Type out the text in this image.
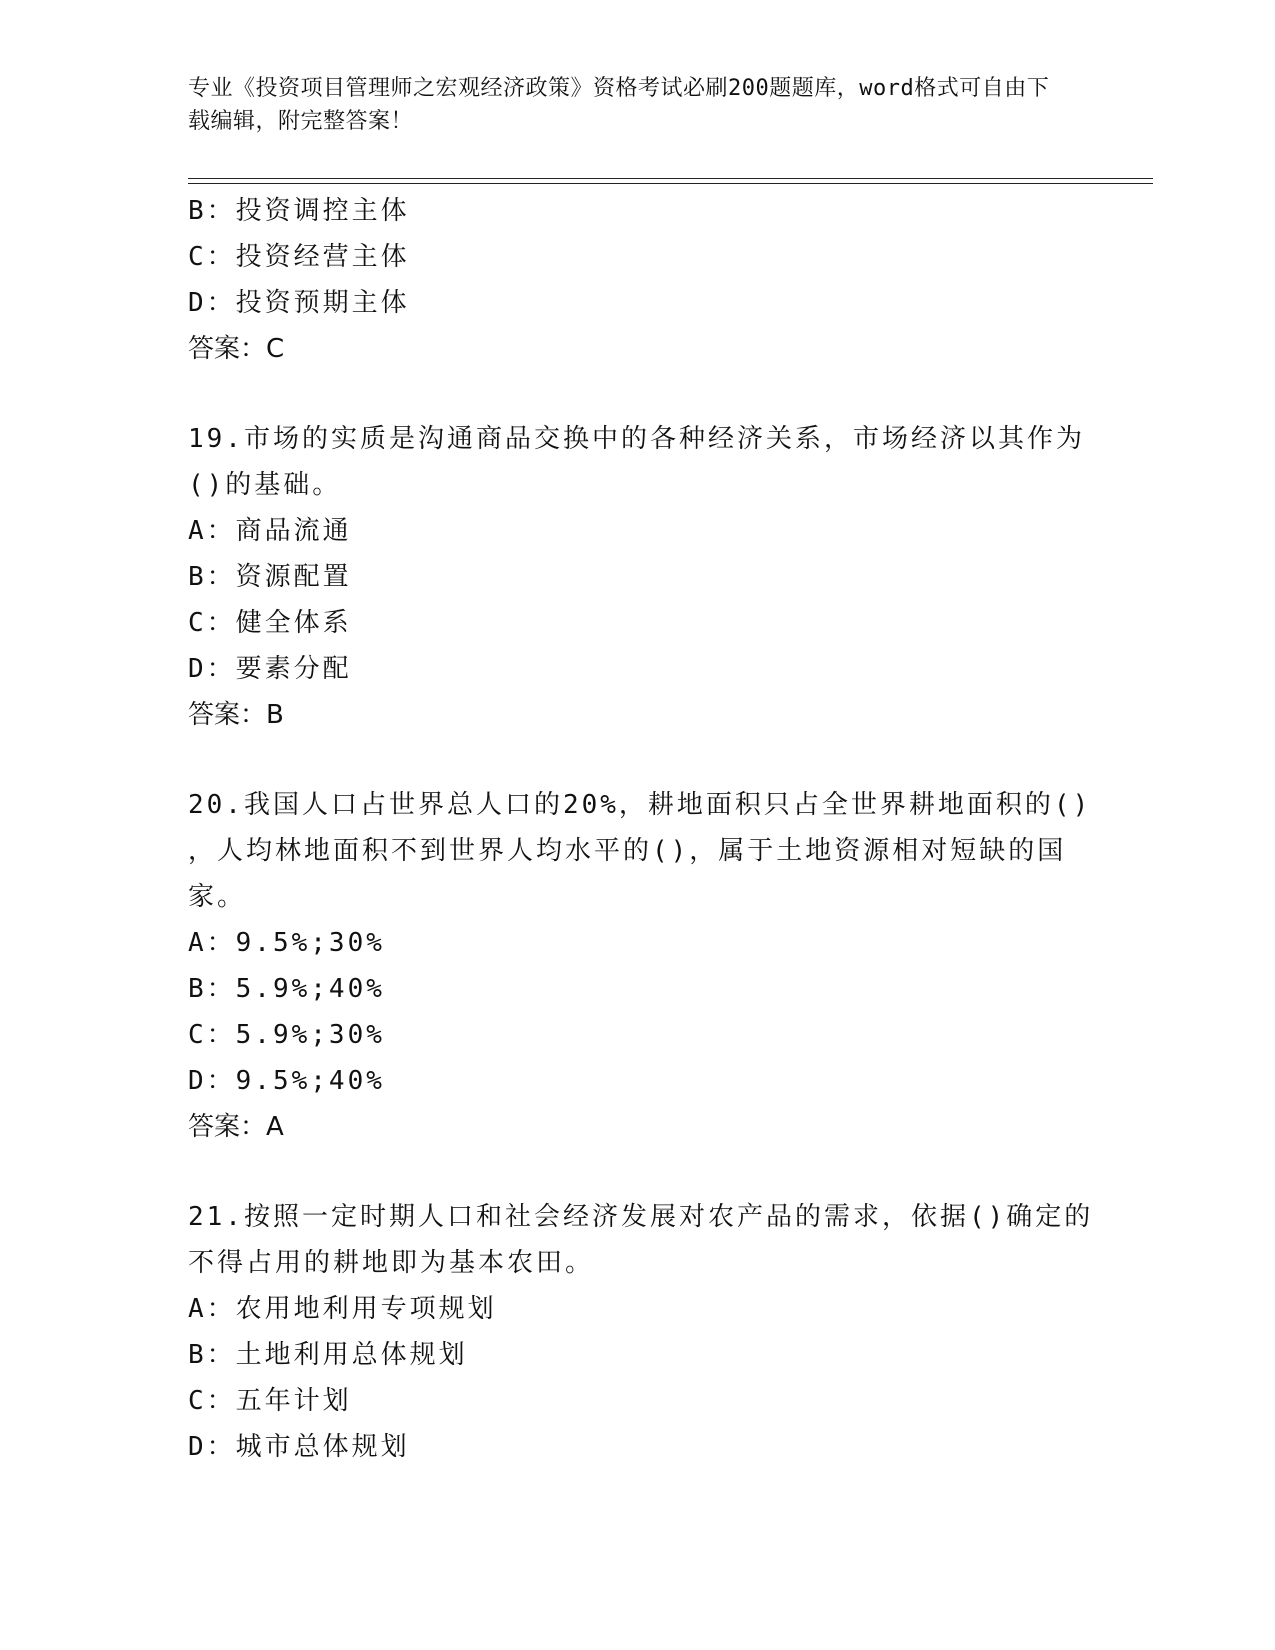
专业《投资项目管理师之宏观经济政策》资格考试必刷200题题库，word格式可自由下载编辑，附完整答案！
B：投资调控主体
C：投资经营主体
D：投资预期主体
答案：C
19.市场的实质是沟通商品交换中的各种经济关系，市场经济以其作为
()的基础。
A：商品流通
B：资源配置
C：健全体系
D：要素分配
答案：B
20.我国人口占世界总人口的20%，耕地面积只占全世界耕地面积的()
，人均林地面积不到世界人均水平的()，属于土地资源相对短缺的国
家。
A：9.5%;30%
B：5.9%;40%
C：5.9%;30%
D：9.5%;40%
答案：A
21.按照一定时期人口和社会经济发展对农产品的需求，依据()确定的
不得占用的耕地即为基本农田。
A：农用地利用专项规划
B：土地利用总体规划
C：五年计划
D：城市总体规划
